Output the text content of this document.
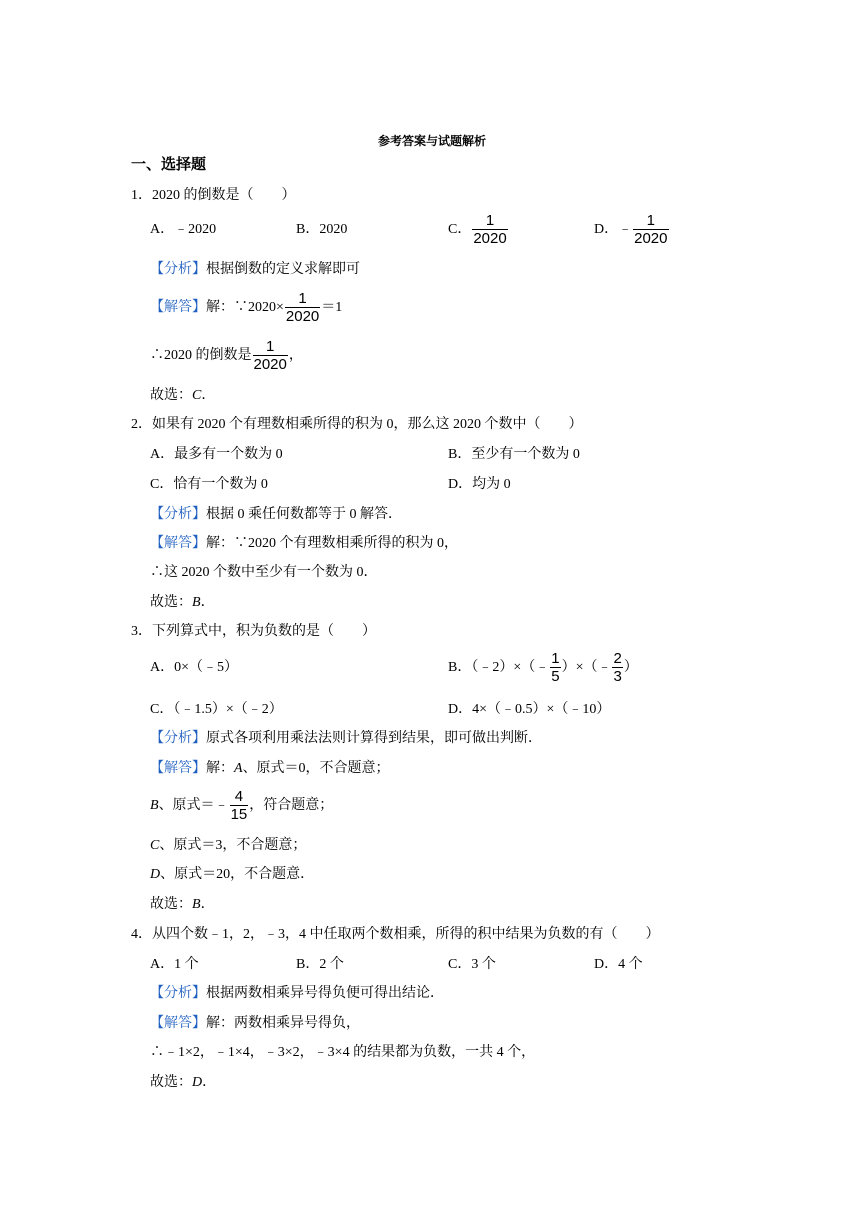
参考答案与试题解析
一、选择题
1．2020 的倒数是（　　）
A．﹣2020	B．2020	C． $\frac{1}{2020}$	D．﹣ $\frac{1}{2020}$
【分析】根据倒数的定义求解即可
【解答】解：∵2020× $\frac{1}{2020} =1$
∴2020 的倒数是 $\frac{1}{2020}$ ，
故选：C．
2．如果有 2020 个有理数相乘所得的积为 0，那么这 2020 个数中（　　）
A．最多有一个数为 0	B．至少有一个数为 0
C．恰有一个数为 0	D．均为 0
【分析】根据 0 乘任何数都等于 0 解答．
【解答】解：∵2020 个有理数相乘所得的积为 0，
∴这 2020 个数中至少有一个数为 0．
故选：B．
3．下列算式中，积为负数的是（　　）
A．0×（﹣5）	B．（﹣2）×（﹣ $\frac{1}{5}$ ）×（﹣ $\frac{2}{3}$ ）
C．（﹣1.5）×（﹣2）	D．4×（﹣0.5）×（﹣10）
【分析】原式各项利用乘法法则计算得到结果，即可做出判断．
【解答】解：A、原式＝0，不合题意；
B、原式＝﹣ $\frac{4}{15}$ ，符合题意；
C、原式＝3，不合题意；
D、原式＝20，不合题意．
故选：B．
4．从四个数﹣1，2，﹣3，4 中任取两个数相乘，所得的积中结果为负数的有（　　）
A．1 个	B．2 个	C．3 个	D．4 个
【分析】根据两数相乘异号得负便可得出结论．
【解答】解：两数相乘异号得负，
∴﹣1×2，﹣1×4，﹣3×2，﹣3×4 的结果都为负数，一共 4 个，
故选：D．
